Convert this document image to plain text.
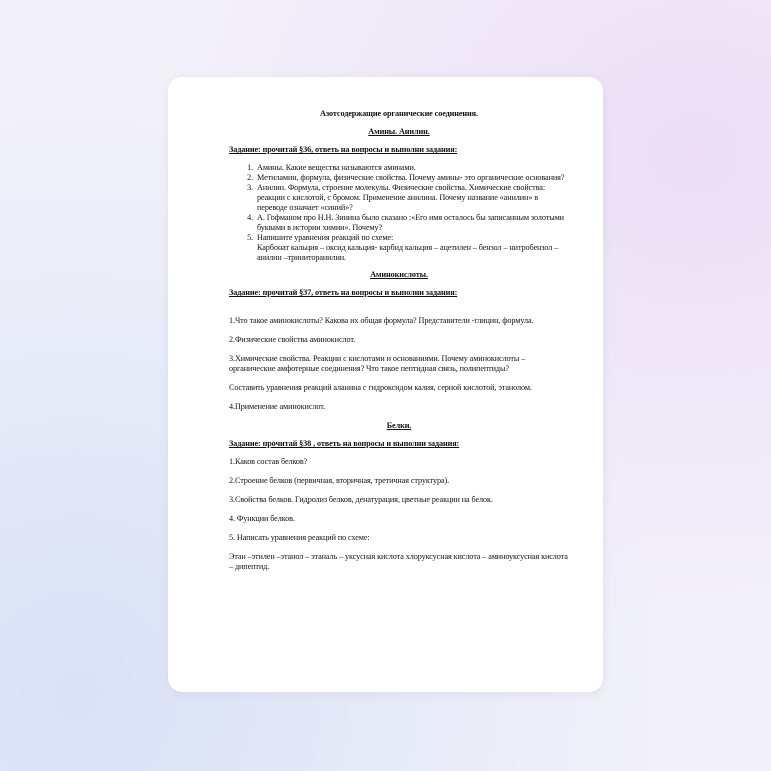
Азотсодержащие органические соединения.
Амины. Анилин.
Задание: прочитай §36, ответь на вопросы и выполни задания:
1. Амины. Какие вещества называются аминами.
2. Метиламин, формула, физические свойства. Почему амины- это органические основания?
3. Анилин. Формула, строение молекулы. Физические свойства. Химические свойства: реакции с кислотой, с бромом. Применение анилина. Почему название «анилин» в переводе означает «синий»?
4. А. Гофманом про Н.Н. Зинина было сказано :«Его имя осталось бы записанным золотыми буквами в истории химии». Почему?
5. Напишите уравнения реакций по схеме:
Карбонат кальция – оксид кальция- карбид кальция – ацетилен – бензол – нитробензол – анилин –триниторанилин.
Аминокислоты.
Задание: прочитай §37, ответь на вопросы и выполни задания:

1.Что такое аминокислоты? Какова их общая формула? Представители -глицин, формула.

2.Физические свойства аминокислот.

3.Химические свойства. Реакции с кислотами и основаниями. Почему аминокислоты – органические амфотерные соединения? Что такое пептидная связь, полипептиды?

Составить уравнения реакций аланина с гидроксидом калия, серной кислотой, этанолом.

4.Применение аминокислот.

Белки.
Задание: прочитай §38 , ответь на вопросы и выполни задания:

1.Каков состав белков?

2.Строение белков (первичная, вторичная, третичная структура).

3.Свойства белков. Гидролиз белков, денатурация, цветные реакции на белок.

4. Функции белков.

5. Написать уравнения реакций по схеме:

Этан –этилен –этанол – этаналь – уксусная кислота хлоруксусная кислота – аминоуксусная кислота – дипептид.
